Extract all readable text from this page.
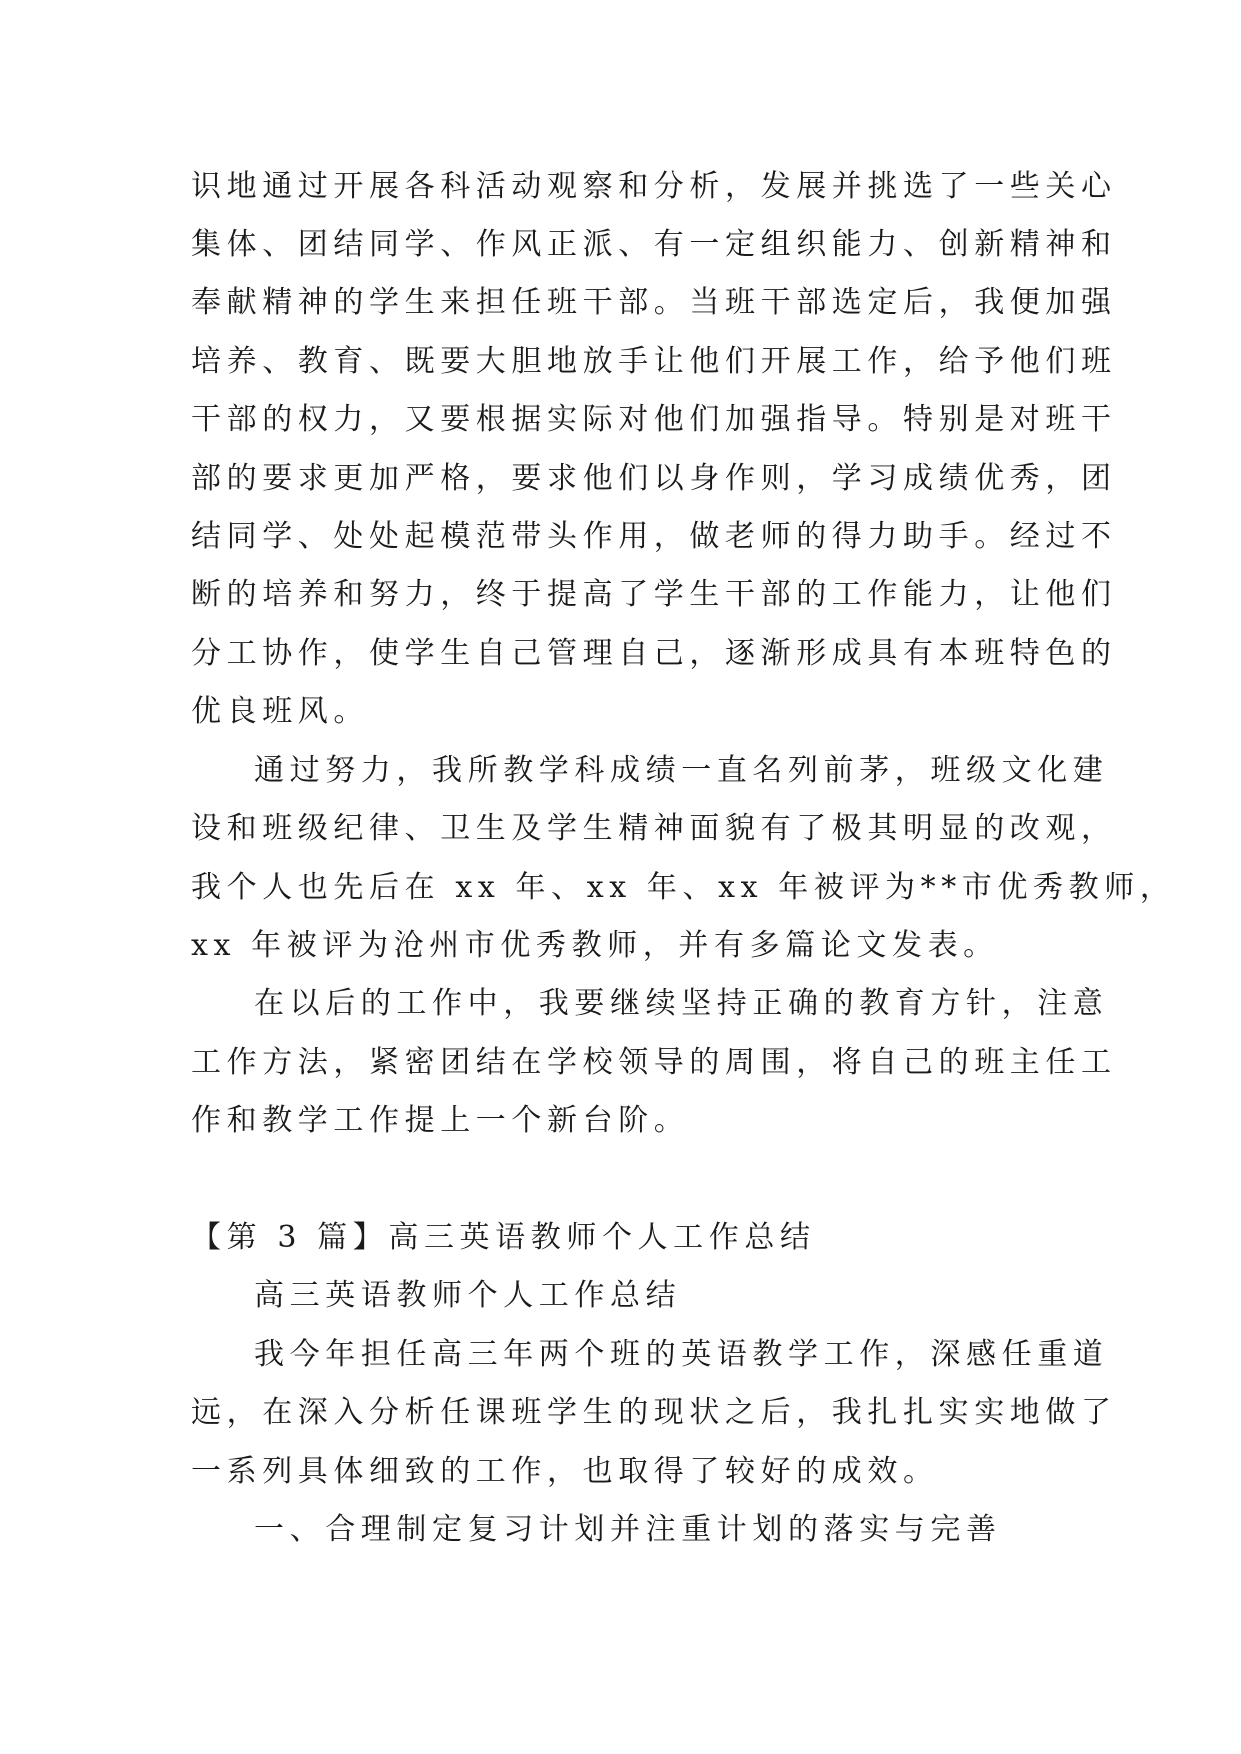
识地通过开展各科活动观察和分析，发展并挑选了一些关心
集体、团结同学、作风正派、有一定组织能力、创新精神和
奉献精神的学生来担任班干部。当班干部选定后，我便加强
培养、教育、既要大胆地放手让他们开展工作，给予他们班
干部的权力，又要根据实际对他们加强指导。特别是对班干
部的要求更加严格，要求他们以身作则，学习成绩优秀，团
结同学、处处起模范带头作用，做老师的得力助手。经过不
断的培养和努力，终于提高了学生干部的工作能力，让他们
分工协作，使学生自己管理自己，逐渐形成具有本班特色的
优良班风。
通过努力，我所教学科成绩一直名列前茅，班级文化建
设和班级纪律、卫生及学生精神面貌有了极其明显的改观，
我个人也先后在 xx 年、xx 年、xx 年被评为**市优秀教师，
xx 年被评为沧州市优秀教师，并有多篇论文发表。
在以后的工作中，我要继续坚持正确的教育方针，注意
工作方法，紧密团结在学校领导的周围，将自己的班主任工
作和教学工作提上一个新台阶。
【第 3 篇】高三英语教师个人工作总结
高三英语教师个人工作总结
我今年担任高三年两个班的英语教学工作，深感任重道
远，在深入分析任课班学生的现状之后，我扎扎实实地做了
一系列具体细致的工作，也取得了较好的成效。
一、合理制定复习计划并注重计划的落实与完善
